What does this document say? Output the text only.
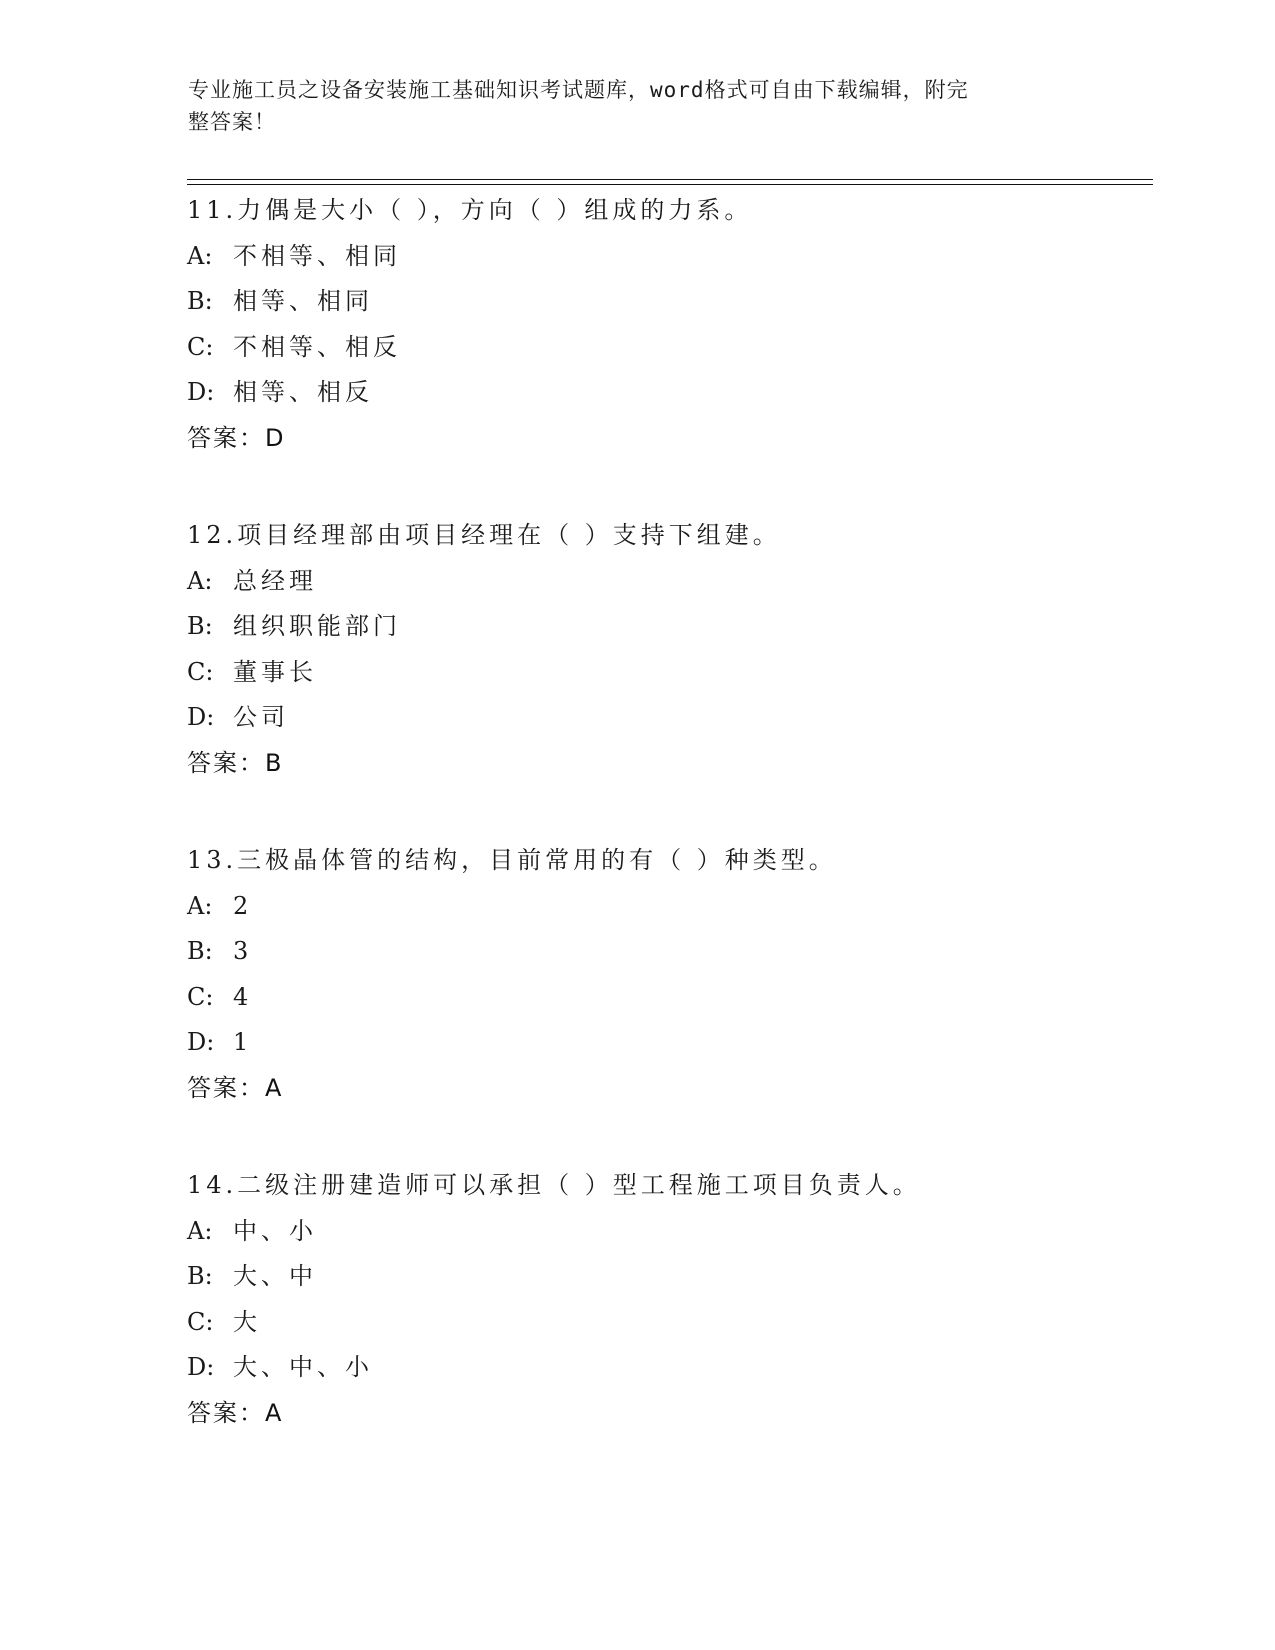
专业施工员之设备安装施工基础知识考试题库，word格式可自由下载编辑，附完
整答案！
11.力偶是大小（ ），方向（ ）组成的力系。
A: 不相等、相同
B: 相等、相同
C: 不相等、相反
D: 相等、相反
答案：D
12.项目经理部由项目经理在（ ）支持下组建。
A: 总经理
B: 组织职能部门
C: 董事长
D: 公司
答案：B
13.三极晶体管的结构，目前常用的有（ ）种类型。
A: 2
B: 3
C: 4
D: 1
答案：A
14.二级注册建造师可以承担（ ）型工程施工项目负责人。
A: 中、小
B: 大、中
C: 大
D: 大、中、小
答案：A
